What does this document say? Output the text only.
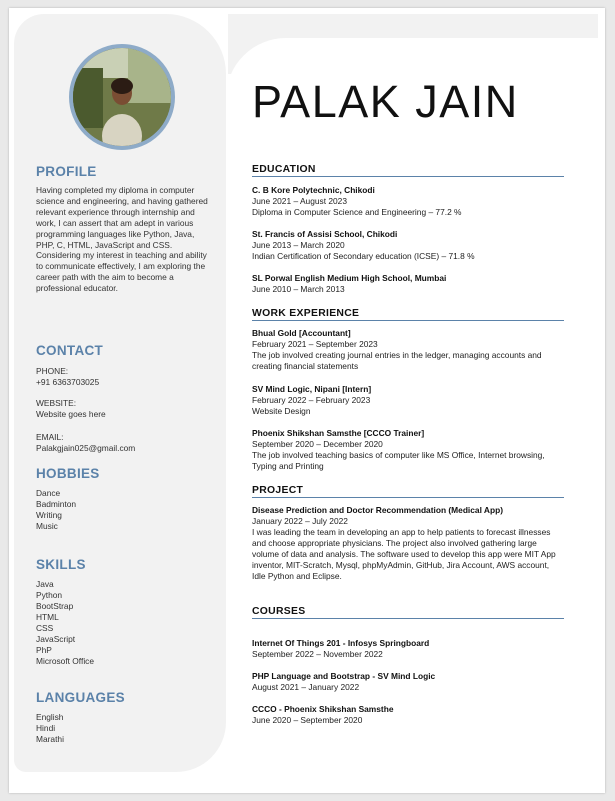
PALAK JAIN
PROFILE
Having completed my diploma in computer science and engineering, and having gathered relevant experience through internship and work, I can assert that am adept in various programming languages like Python, Java, PHP, C, HTML, JavaScript and CSS. Considering my interest in teaching and ability to communicate effectively, I am exploring the career path with the aim to become a professional educator.
CONTACT
PHONE:
+91 6363703025
WEBSITE:
Website goes here
EMAIL:
Palakgjain025@gmail.com
HOBBIES
Dance
Badminton
Writing
Music
SKILLS
Java
Python
BootStrap
HTML
CSS
JavaScript
PhP
Microsoft Office
LANGUAGES
English
Hindi
Marathi
EDUCATION
C. B Kore Polytechnic, Chikodi
June 2021 – August 2023
Diploma in Computer Science and Engineering – 77.2 %
St. Francis of Assisi School, Chikodi
June 2013 – March 2020
Indian Certification of Secondary education (ICSE) – 71.8 %
SL Porwal English Medium High School, Mumbai
June 2010 – March 2013
WORK EXPERIENCE
Bhual Gold [Accountant]
February 2021 – September 2023
The job involved creating journal entries in the ledger, managing accounts and creating financial statements
SV Mind Logic, Nipani [Intern]
February 2022 – February 2023
Website Design
Phoenix Shikshan Samsthe [CCCO Trainer]
September 2020 – December 2020
The job involved teaching basics of computer like MS Office, Internet browsing, Typing and Printing
PROJECT
Disease Prediction and Doctor Recommendation (Medical App)
January 2022 – July 2022
I was leading the team in developing an app to help patients to forecast illnesses and choose appropriate physicians. The project also involved gathering large volume of data and analysis. The software used to develop this app were MIT App inventor, MIT-Scratch, Mysql, phpMyAdmin, GitHub, Jira Account, AWS account, Idle Python and Eclipse.
COURSES
Internet Of Things 201 - Infosys Springboard
September 2022 – November 2022
PHP Language and Bootstrap - SV Mind Logic
August 2021 – January 2022
CCCO - Phoenix Shikshan Samsthe
June 2020 – September 2020
